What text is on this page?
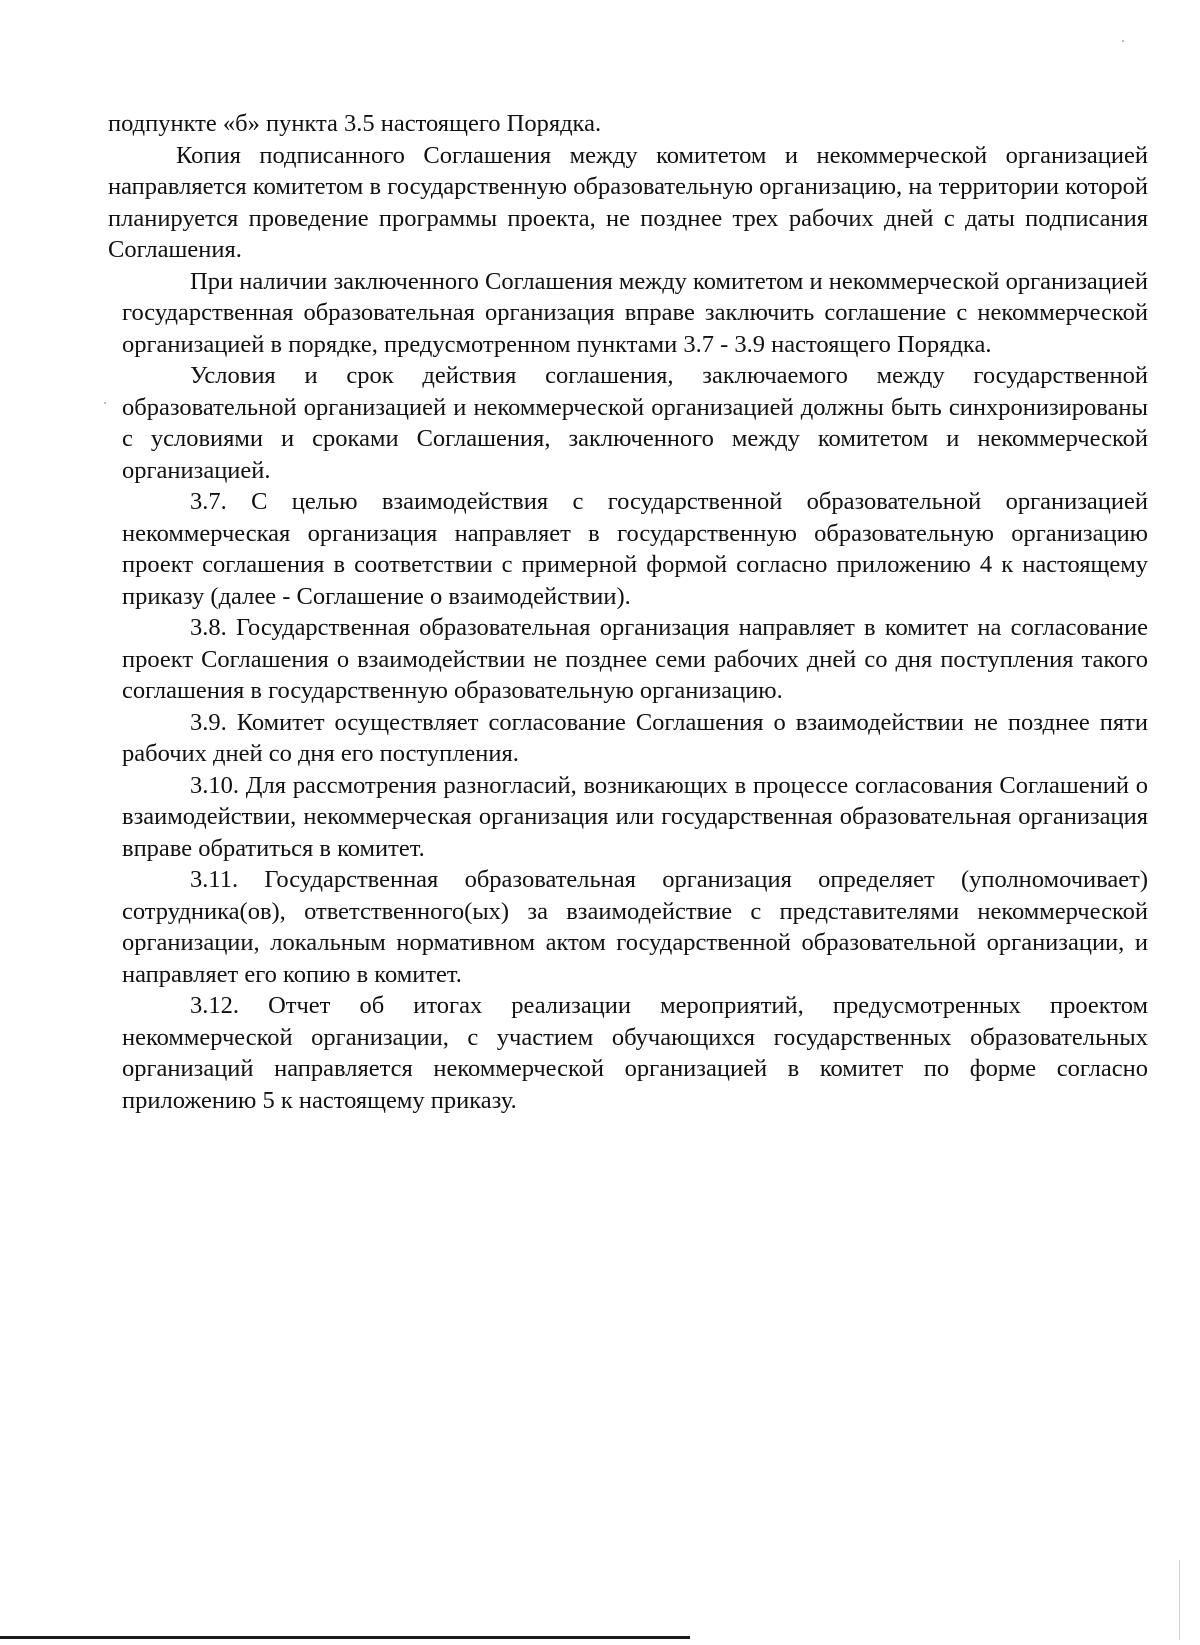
подпункте «б» пункта 3.5 настоящего Порядка.

Копия подписанного Соглашения между комитетом и некоммерческой организацией направляется комитетом в государственную образовательную организацию, на территории которой планируется проведение программы проекта, не позднее трех рабочих дней с даты подписания Соглашения.

При наличии заключенного Соглашения между комитетом и некоммерческой организацией государственная образовательная организация вправе заключить соглашение с некоммерческой организацией в порядке, предусмотренном пунктами 3.7 - 3.9 настоящего Порядка.

Условия и срок действия соглашения, заключаемого между государственной образовательной организацией и некоммерческой организацией должны быть синхронизированы с условиями и сроками Соглашения, заключенного между комитетом и некоммерческой организацией.

3.7. С целью взаимодействия с государственной образовательной организацией некоммерческая организация направляет в государственную образовательную организацию проект соглашения в соответствии с примерной формой согласно приложению 4 к настоящему приказу (далее - Соглашение о взаимодействии).

3.8. Государственная образовательная организация направляет в комитет на согласование проект Соглашения о взаимодействии не позднее семи рабочих дней со дня поступления такого соглашения в государственную образовательную организацию.

3.9. Комитет осуществляет согласование Соглашения о взаимодействии не позднее пяти рабочих дней со дня его поступления.

3.10. Для рассмотрения разногласий, возникающих в процессе согласования Соглашений о взаимодействии, некоммерческая организация или государственная образовательная организация вправе обратиться в комитет.

3.11. Государственная образовательная организация определяет (уполномочивает) сотрудника(ов), ответственного(ых) за взаимодействие с представителями некоммерческой организации, локальным нормативном актом государственной образовательной организации, и направляет его копию в комитет.

3.12. Отчет об итогах реализации мероприятий, предусмотренных проектом некоммерческой организации, с участием обучающихся государственных образовательных организаций направляется некоммерческой организацией в комитет по форме согласно приложению 5 к настоящему приказу.
